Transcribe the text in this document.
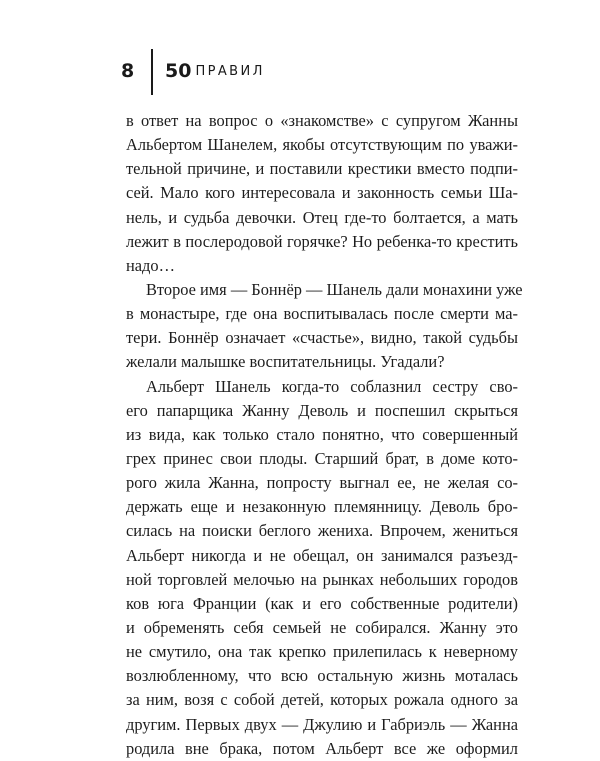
8 50 ПРАВИЛ
в ответ на вопрос о «знакомстве» с супругом Жанны
Альбертом Шанелем, якобы отсутствующим по уважи-
тельной причине, и поставили крестики вместо подпи-
сей. Мало кого интересовала и законность семьи Ша-
нель, и судьба девочки. Отец где-то болтается, а мать
лежит в послеродовой горячке? Но ребенка-то крестить
надо…
Второе имя — Боннёр — Шанель дали монахини уже
в монастыре, где она воспитывалась после смерти ма-
тери. Боннёр означает «счастье», видно, такой судьбы
желали малышке воспитательницы. Угадали?
Альберт Шанель когда-то соблазнил сестру сво-
его папарщика Жанну Деволь и поспешил скрыться
из вида, как только стало понятно, что совершенный
грех принес свои плоды. Старший брат, в доме кото-
рого жила Жанна, попросту выгнал ее, не желая со-
держать еще и незаконную племянницу. Деволь бро-
силась на поиски беглого жениха. Впрочем, жениться
Альберт никогда и не обещал, он занимался разъезд-
ной торговлей мелочью на рынках небольших городов
ков юга Франции (как и его собственные родители)
и обременять себя семьей не собирался. Жанну это
не смутило, она так крепко прилепилась к неверному
возлюбленному, что всю остальную жизнь моталась
за ним, возя с собой детей, которых рожала одного за
другим. Первых двух — Джулию и Габриэль — Жанна
родила вне брака, потом Альберт все же оформил
